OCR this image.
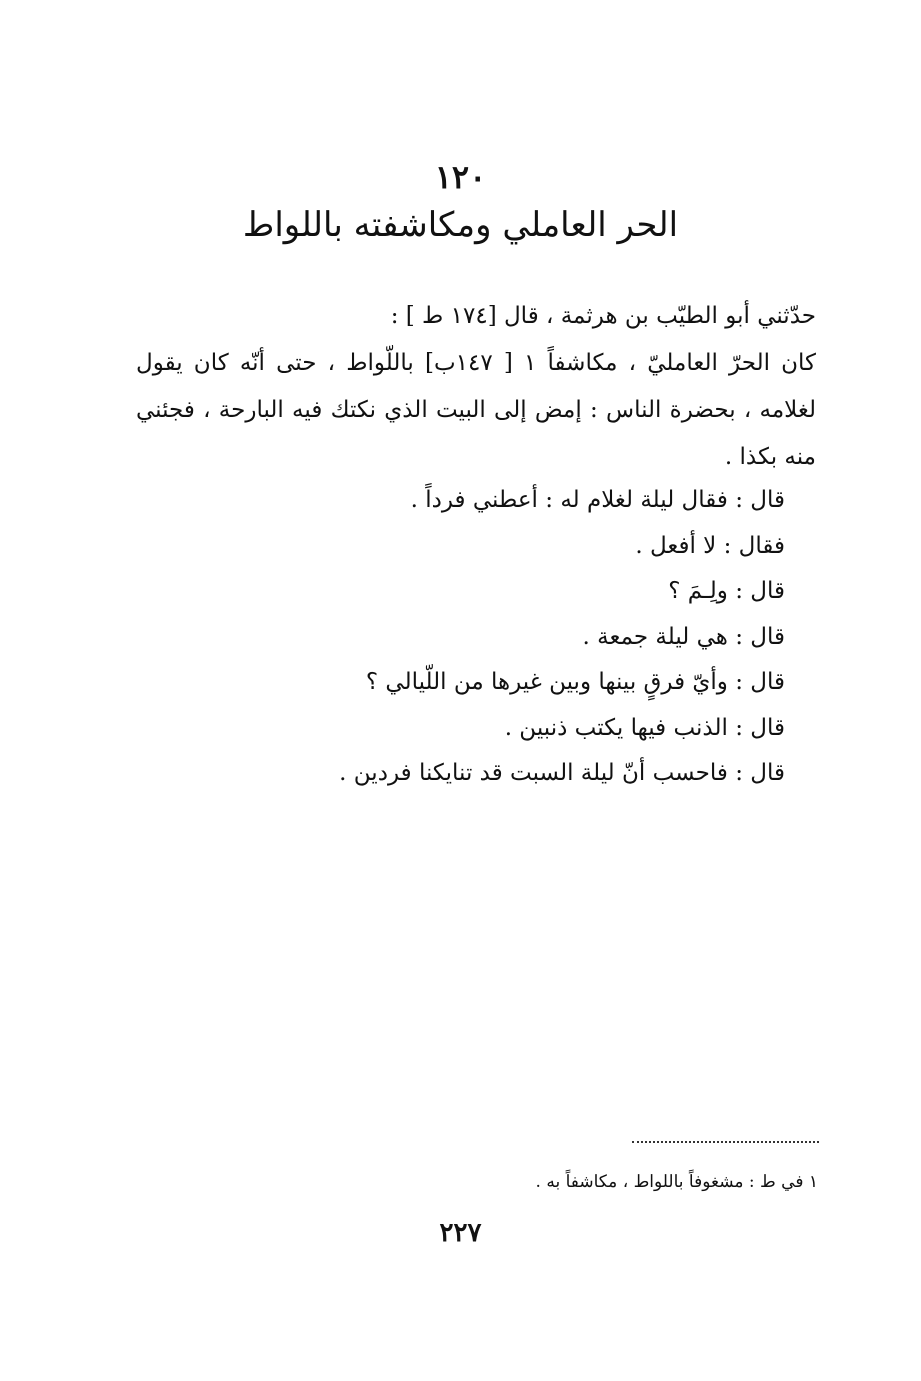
١٢٠
الحر العاملي ومكاشفته باللواط

حدّثني أبو الطيّب بن هرثمة ، قال [١٧٤ ط ] :

كان الحرّ العامليّ ، مكاشفاً ١ [ ١٤٧ب] باللّواط ، حتى أنّه كان يقول لغلامه ، بحضرة الناس : إمض إلى البيت الذي نكتك فيه البارحة ، فجئني منه بكذا .

قال : فقال ليلة لغلام له : أعطني فرداً .
فقال : لا أفعل .
قال : ولِـمَ ؟
قال : هي ليلة جمعة .
قال : وأيّ فرقٍ بينها وبين غيرها من اللّيالي ؟
قال : الذنب فيها يكتب ذنبين .
قال : فاحسب أنّ ليلة السبت قد تنايكنا فردين .
١ في ط : مشغوفاً باللواط ، مكاشفاً به .
٢٢٧
